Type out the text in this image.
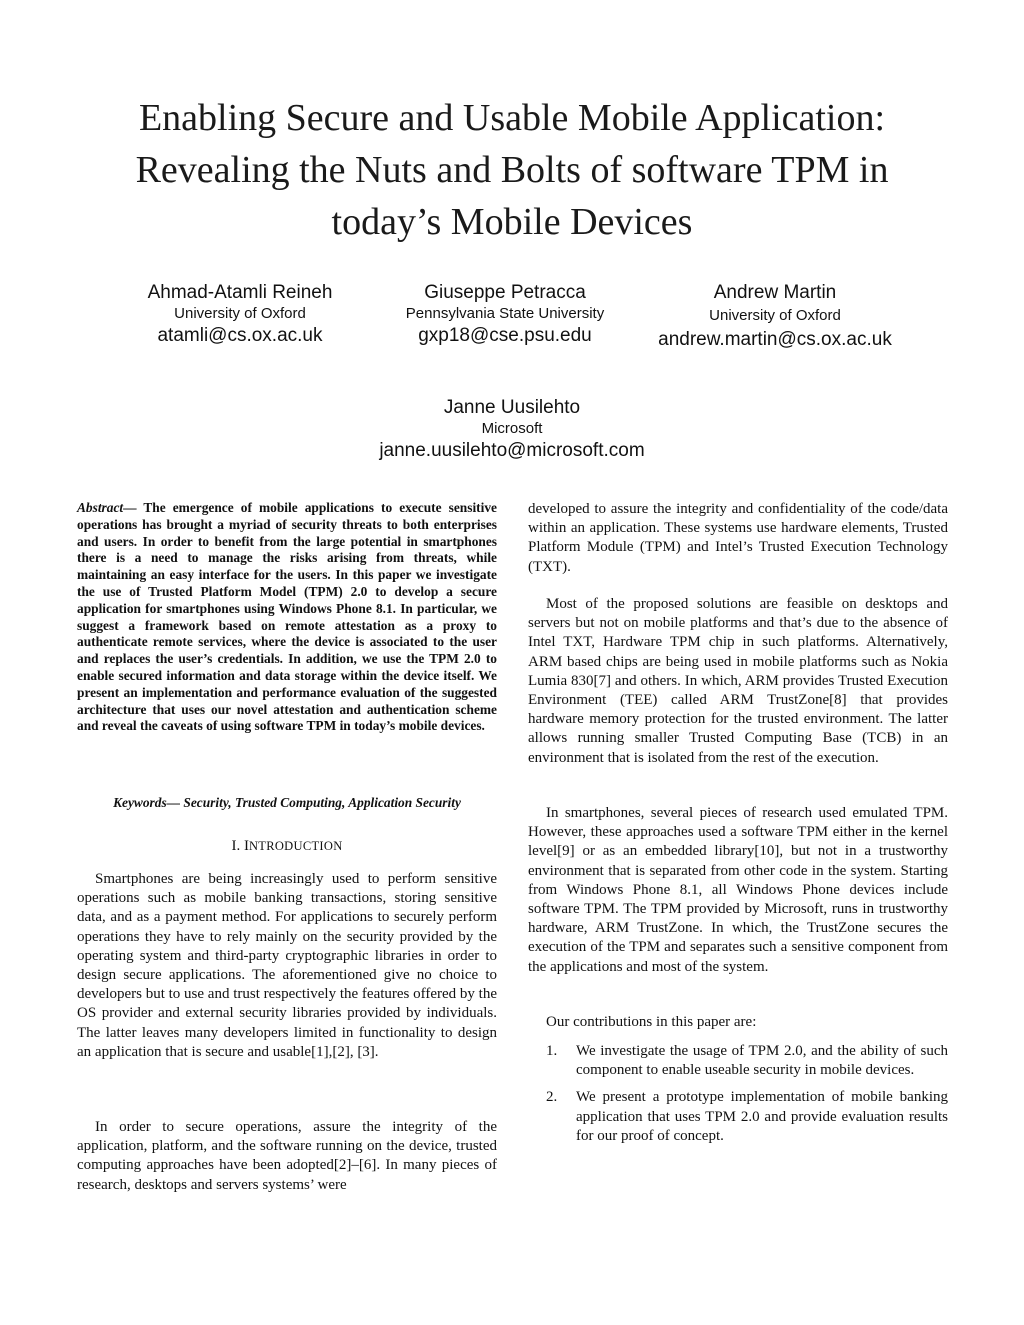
Enabling Secure and Usable Mobile Application:
Revealing the Nuts and Bolts of software TPM in
today’s Mobile Devices
Ahmad-Atamli Reineh
University of Oxford
atamli@cs.ox.ac.uk
Giuseppe Petracca
Pennsylvania State University
gxp18@cse.psu.edu
Andrew Martin
University of Oxford
andrew.martin@cs.ox.ac.uk
Janne Uusilehto
Microsoft
janne.uusilehto@microsoft.com
Abstract— The emergence of mobile applications to execute sensitive operations has brought a myriad of security threats to both enterprises and users. In order to benefit from the large potential in smartphones there is a need to manage the risks arising from threats, while maintaining an easy interface for the users. In this paper we investigate the use of Trusted Platform Model (TPM) 2.0 to develop a secure application for smartphones using Windows Phone 8.1. In particular, we suggest a framework based on remote attestation as a proxy to authenticate remote services, where the device is associated to the user and replaces the user’s credentials. In addition, we use the TPM 2.0 to enable secured information and data storage within the device itself. We present an implementation and performance evaluation of the suggested architecture that uses our novel attestation and authentication scheme and reveal the caveats of using software TPM in today’s mobile devices.
Keywords— Security, Trusted Computing, Application Security
I. INTRODUCTION
Smartphones are being increasingly used to perform sensitive operations such as mobile banking transactions, storing sensitive data, and as a payment method. For applications to securely perform operations they have to rely mainly on the security provided by the operating system and third-party cryptographic libraries in order to design secure applications. The aforementioned give no choice to developers but to use and trust respectively the features offered by the OS provider and external security libraries provided by individuals. The latter leaves many developers limited in functionality to design an application that is secure and usable[1],[2], [3].
In order to secure operations, assure the integrity of the application, platform, and the software running on the device, trusted computing approaches have been adopted[2]–[6]. In many pieces of research, desktops and servers systems’ were
developed to assure the integrity and confidentiality of the code/data within an application. These systems use hardware elements, Trusted Platform Module (TPM) and Intel’s Trusted Execution Technology (TXT).
Most of the proposed solutions are feasible on desktops and servers but not on mobile platforms and that’s due to the absence of Intel TXT, Hardware TPM chip in such platforms. Alternatively, ARM based chips are being used in mobile platforms such as Nokia Lumia 830[7] and others. In which, ARM provides Trusted Execution Environment (TEE) called ARM TrustZone[8] that provides hardware memory protection for the trusted environment. The latter allows running smaller Trusted Computing Base (TCB) in an environment that is isolated from the rest of the execution.
In smartphones, several pieces of research used emulated TPM. However, these approaches used a software TPM either in the kernel level[9] or as an embedded library[10], but not in a trustworthy environment that is separated from other code in the system. Starting from Windows Phone 8.1, all Windows Phone devices include software TPM. The TPM provided by Microsoft, runs in trustworthy hardware, ARM TrustZone. In which, the TrustZone secures the execution of the TPM and separates such a sensitive component from the applications and most of the system.
Our contributions in this paper are:
1. We investigate the usage of TPM 2.0, and the ability of such component to enable useable security in mobile devices.
2. We present a prototype implementation of mobile banking application that uses TPM 2.0 and provide evaluation results for our proof of concept.
